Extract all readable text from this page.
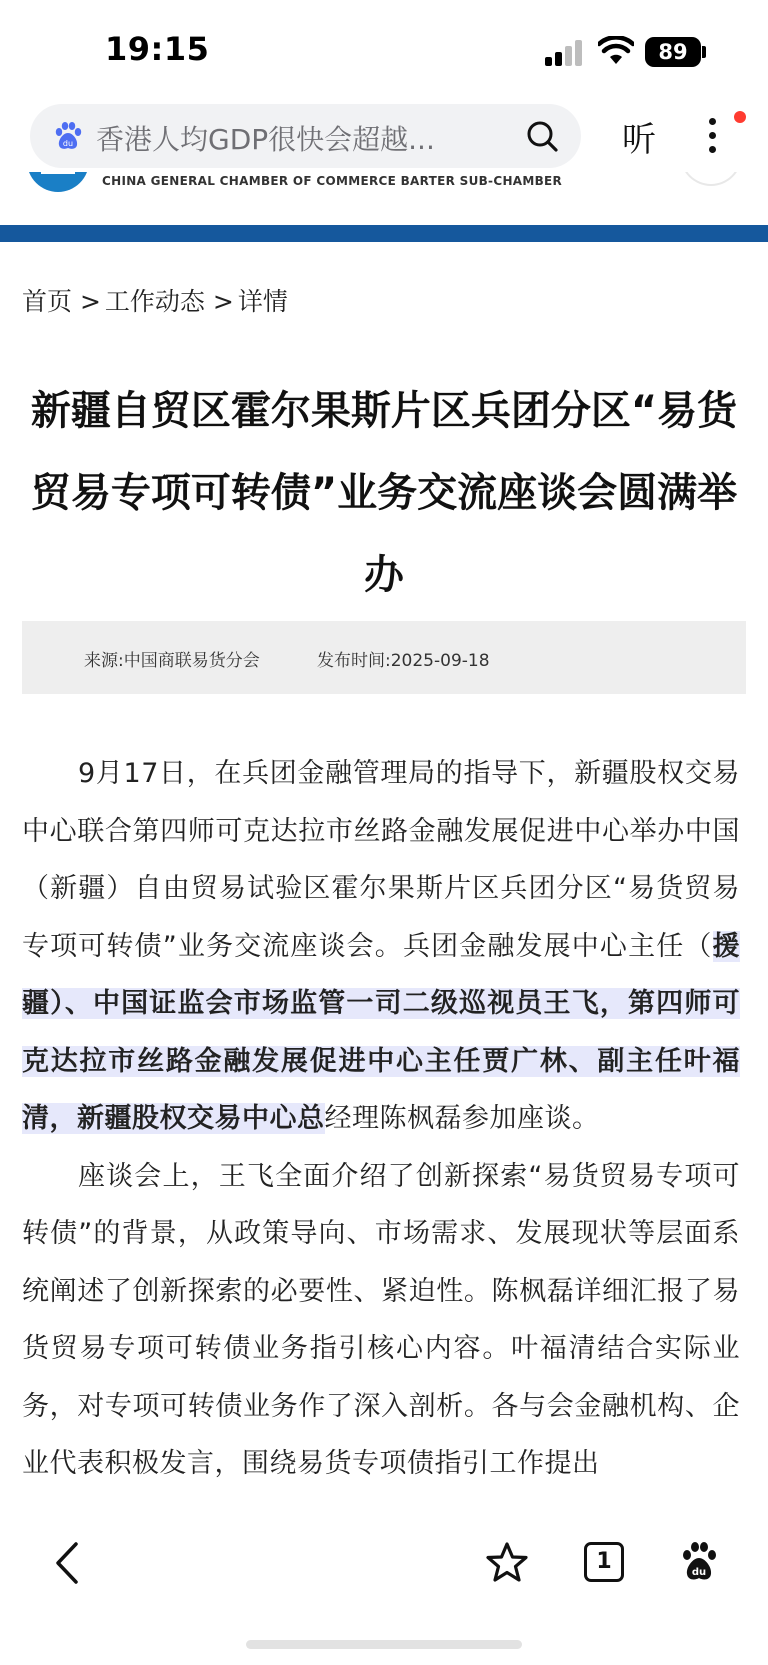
19:15	89
CHINA GENERAL CHAMBER OF COMMERCE BARTER SUB-CHAMBER
du 香港人均GDP很快会超越...	听
首页 > 工作动态 > 详情
新疆自贸区霍尔果斯片区兵团分区“易货贸易专项可转债”业务交流座谈会圆满举办
来源:中国商联易货分会	发布时间:2025-09-18

9月17日，在兵团金融管理局的指导下，新疆股权交易中心联合第四师可克达拉市丝路金融发展促进中心举办中国（新疆）自由贸易试验区霍尔果斯片区兵团分区“易货贸易专项可转债”业务交流座谈会。兵团金融发展中心主任（援疆）、中国证监会市场监管一司二级巡视员王飞，第四师可克达拉市丝路金融发展促进中心主任贾广林、副主任叶福清，新疆股权交易中心总经理陈枫磊参加座谈。

座谈会上，王飞全面介绍了创新探索“易货贸易专项可转债”的背景，从政策导向、市场需求、发展现状等层面系统阐述了创新探索的必要性、紧迫性。陈枫磊详细汇报了易货贸易专项可转债业务指引核心内容。叶福清结合实际业务，对专项可转债业务作了深入剖析。各与会金融机构、企业代表积极发言，围绕易货专项债指引工作提出

1	du
